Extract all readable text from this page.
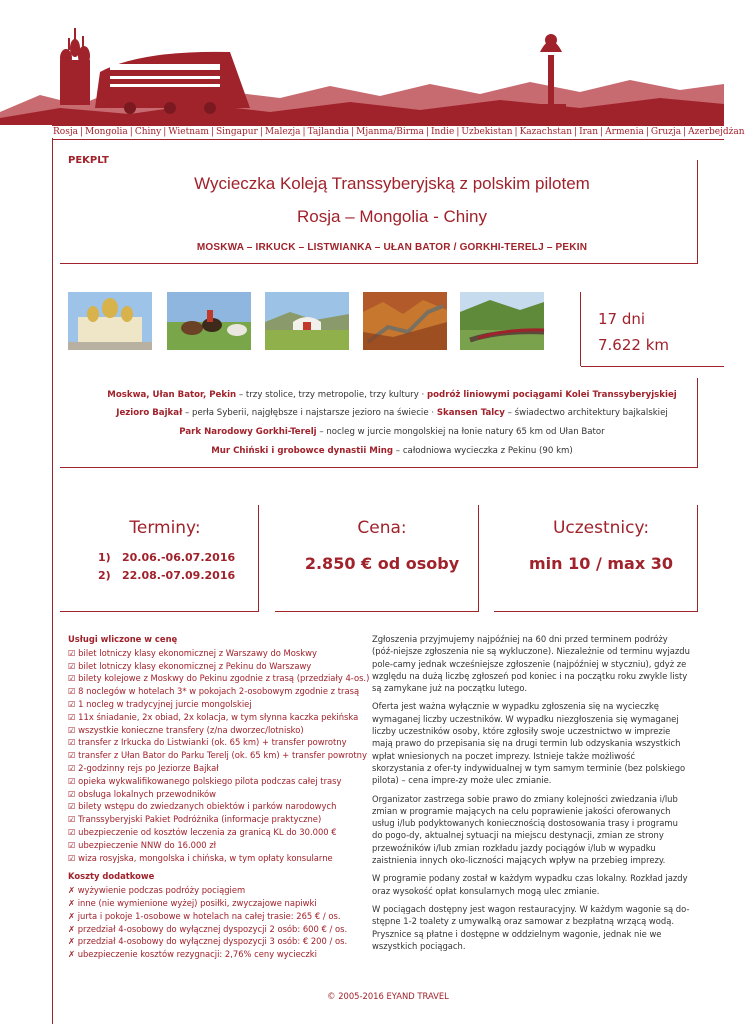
Rosja | Mongolia | Chiny | Wietnam | Singapur | Malezja | Tajlandia | Mjanma/Birma | Indie | Uzbekistan | Kazachstan | Iran | Armenia | Gruzja | Azerbejdżan
PEKPLT
Wycieczka Koleją Transsyberyjską z polskim pilotem
Rosja – Mongolia - Chiny
MOSKWA – IRKUCK – LISTWIANKA – UŁAN BATOR / GORKHI-TERELJ – PEKIN
17 dni
7.622 km
Moskwa, Ułan Bator, Pekin – trzy stolice, trzy metropolie, trzy kultury · podróż liniowymi pociągami Kolei Transsyberyjskiej
Jezioro Bajkał – perła Syberii, najgłębsze i najstarsze jezioro na świecie · Skansen Talcy – świadectwo architektury bajkalskiej
Park Narodowy Gorkhi-Terelj – nocleg w jurcie mongolskiej na łonie natury 65 km od Ułan Bator
Mur Chiński i grobowce dynastii Ming – całodniowa wycieczka z Pekinu (90 km)
Terminy:
1) 20.06.-06.07.2016
2) 22.08.-07.09.2016
Cena:
2.850 € od osoby
Uczestnicy:
min 10 / max 30
Usługi wliczone w cenę
☑ bilet lotniczy klasy ekonomicznej z Warszawy do Moskwy
☑ bilet lotniczy klasy ekonomicznej z Pekinu do Warszawy
☑ bilety kolejowe z Moskwy do Pekinu zgodnie z trasą (przedziały 4-os.)
☑ 8 noclegów w hotelach 3* w pokojach 2-osobowym zgodnie z trasą
☑ 1 nocleg w tradycyjnej jurcie mongolskiej
☑ 11x śniadanie, 2x obiad, 2x kolacja, w tym słynna kaczka pekińska
☑ wszystkie konieczne transfery (z/na dworzec/lotnisko)
☑ transfer z Irkucka do Listwianki (ok. 65 km) + transfer powrotny
☑ transfer z Ułan Bator do Parku Terelj (ok. 65 km) + transfer powrotny
☑ 2-godzinny rejs po Jeziorze Bajkał
☑ opieka wykwalifikowanego polskiego pilota podczas całej trasy
☑ obsługa lokalnych przewodników
☑ bilety wstępu do zwiedzanych obiektów i parków narodowych
☑ Transsyberyjski Pakiet Podróżnika (informacje praktyczne)
☑ ubezpieczenie od kosztów leczenia za granicą KL do 30.000 €
☑ ubezpieczenie NNW do 16.000 zł
☑ wiza rosyjska, mongolska i chińska, w tym opłaty konsularne
Koszty dodatkowe
✗ wyżywienie podczas podróży pociągiem
✗ inne (nie wymienione wyżej) posiłki, zwyczajowe napiwki
✗ jurta i pokoje 1-osobowe w hotelach na całej trasie: 265 € / os.
✗ przedział 4-osobowy do wyłącznej dyspozycji 2 osób: 600 € / os.
✗ przedział 4-osobowy do wyłącznej dyspozycji 3 osób: € 200 / os.
✗ ubezpieczenie kosztów rezygnacji: 2,76% ceny wycieczki

Zgłoszenia przyjmujemy najpóźniej na 60 dni przed terminem podróży (póź-niejsze zgłoszenia nie są wykluczone). Niezależnie od terminu wyjazdu pole-camy jednak wcześniejsze zgłoszenie (najpóźniej w styczniu), gdyż ze względu na dużą liczbę zgłoszeń pod koniec i na początku roku zwykle listy są zamykane już na początku lutego.

Oferta jest ważna wyłącznie w wypadku zgłoszenia się na wycieczkę wymaganej liczby uczestników. W wypadku niezgłoszenia się wymaganej liczby uczestników osoby, które zgłosiły swoje uczestnictwo w imprezie mają prawo do przepisania się na drugi termin lub odzyskania wszystkich wpłat wniesionych na poczet imprezy. Istnieje także możliwość skorzystania z ofer-ty indywidualnej w tym samym terminie (bez polskiego pilota) – cena impre-zy może ulec zmianie.

Organizator zastrzega sobie prawo do zmiany kolejności zwiedzania i/lub zmian w programie mających na celu poprawienie jakości oferowanych usług i/lub podyktowanych koniecznością dostosowania trasy i programu do pogo-dy, aktualnej sytuacji na miejscu destynacji, zmian ze strony przewoźników i/lub zmian rozkładu jazdy pociągów i/lub w wypadku zaistnienia innych oko-liczności mających wpływ na przebieg imprezy.

W programie podany został w każdym wypadku czas lokalny. Rozkład jazdy oraz wysokość opłat konsularnych mogą ulec zmianie.

W pociągach dostępny jest wagon restauracyjny. W każdym wagonie są do-stępne 1-2 toalety z umywalką oraz samowar z bezpłatną wrzącą wodą. Prysznice są płatne i dostępne w oddzielnym wagonie, jednak nie we wszystkich pociągach.

© 2005-2016 EYAND TRAVEL
